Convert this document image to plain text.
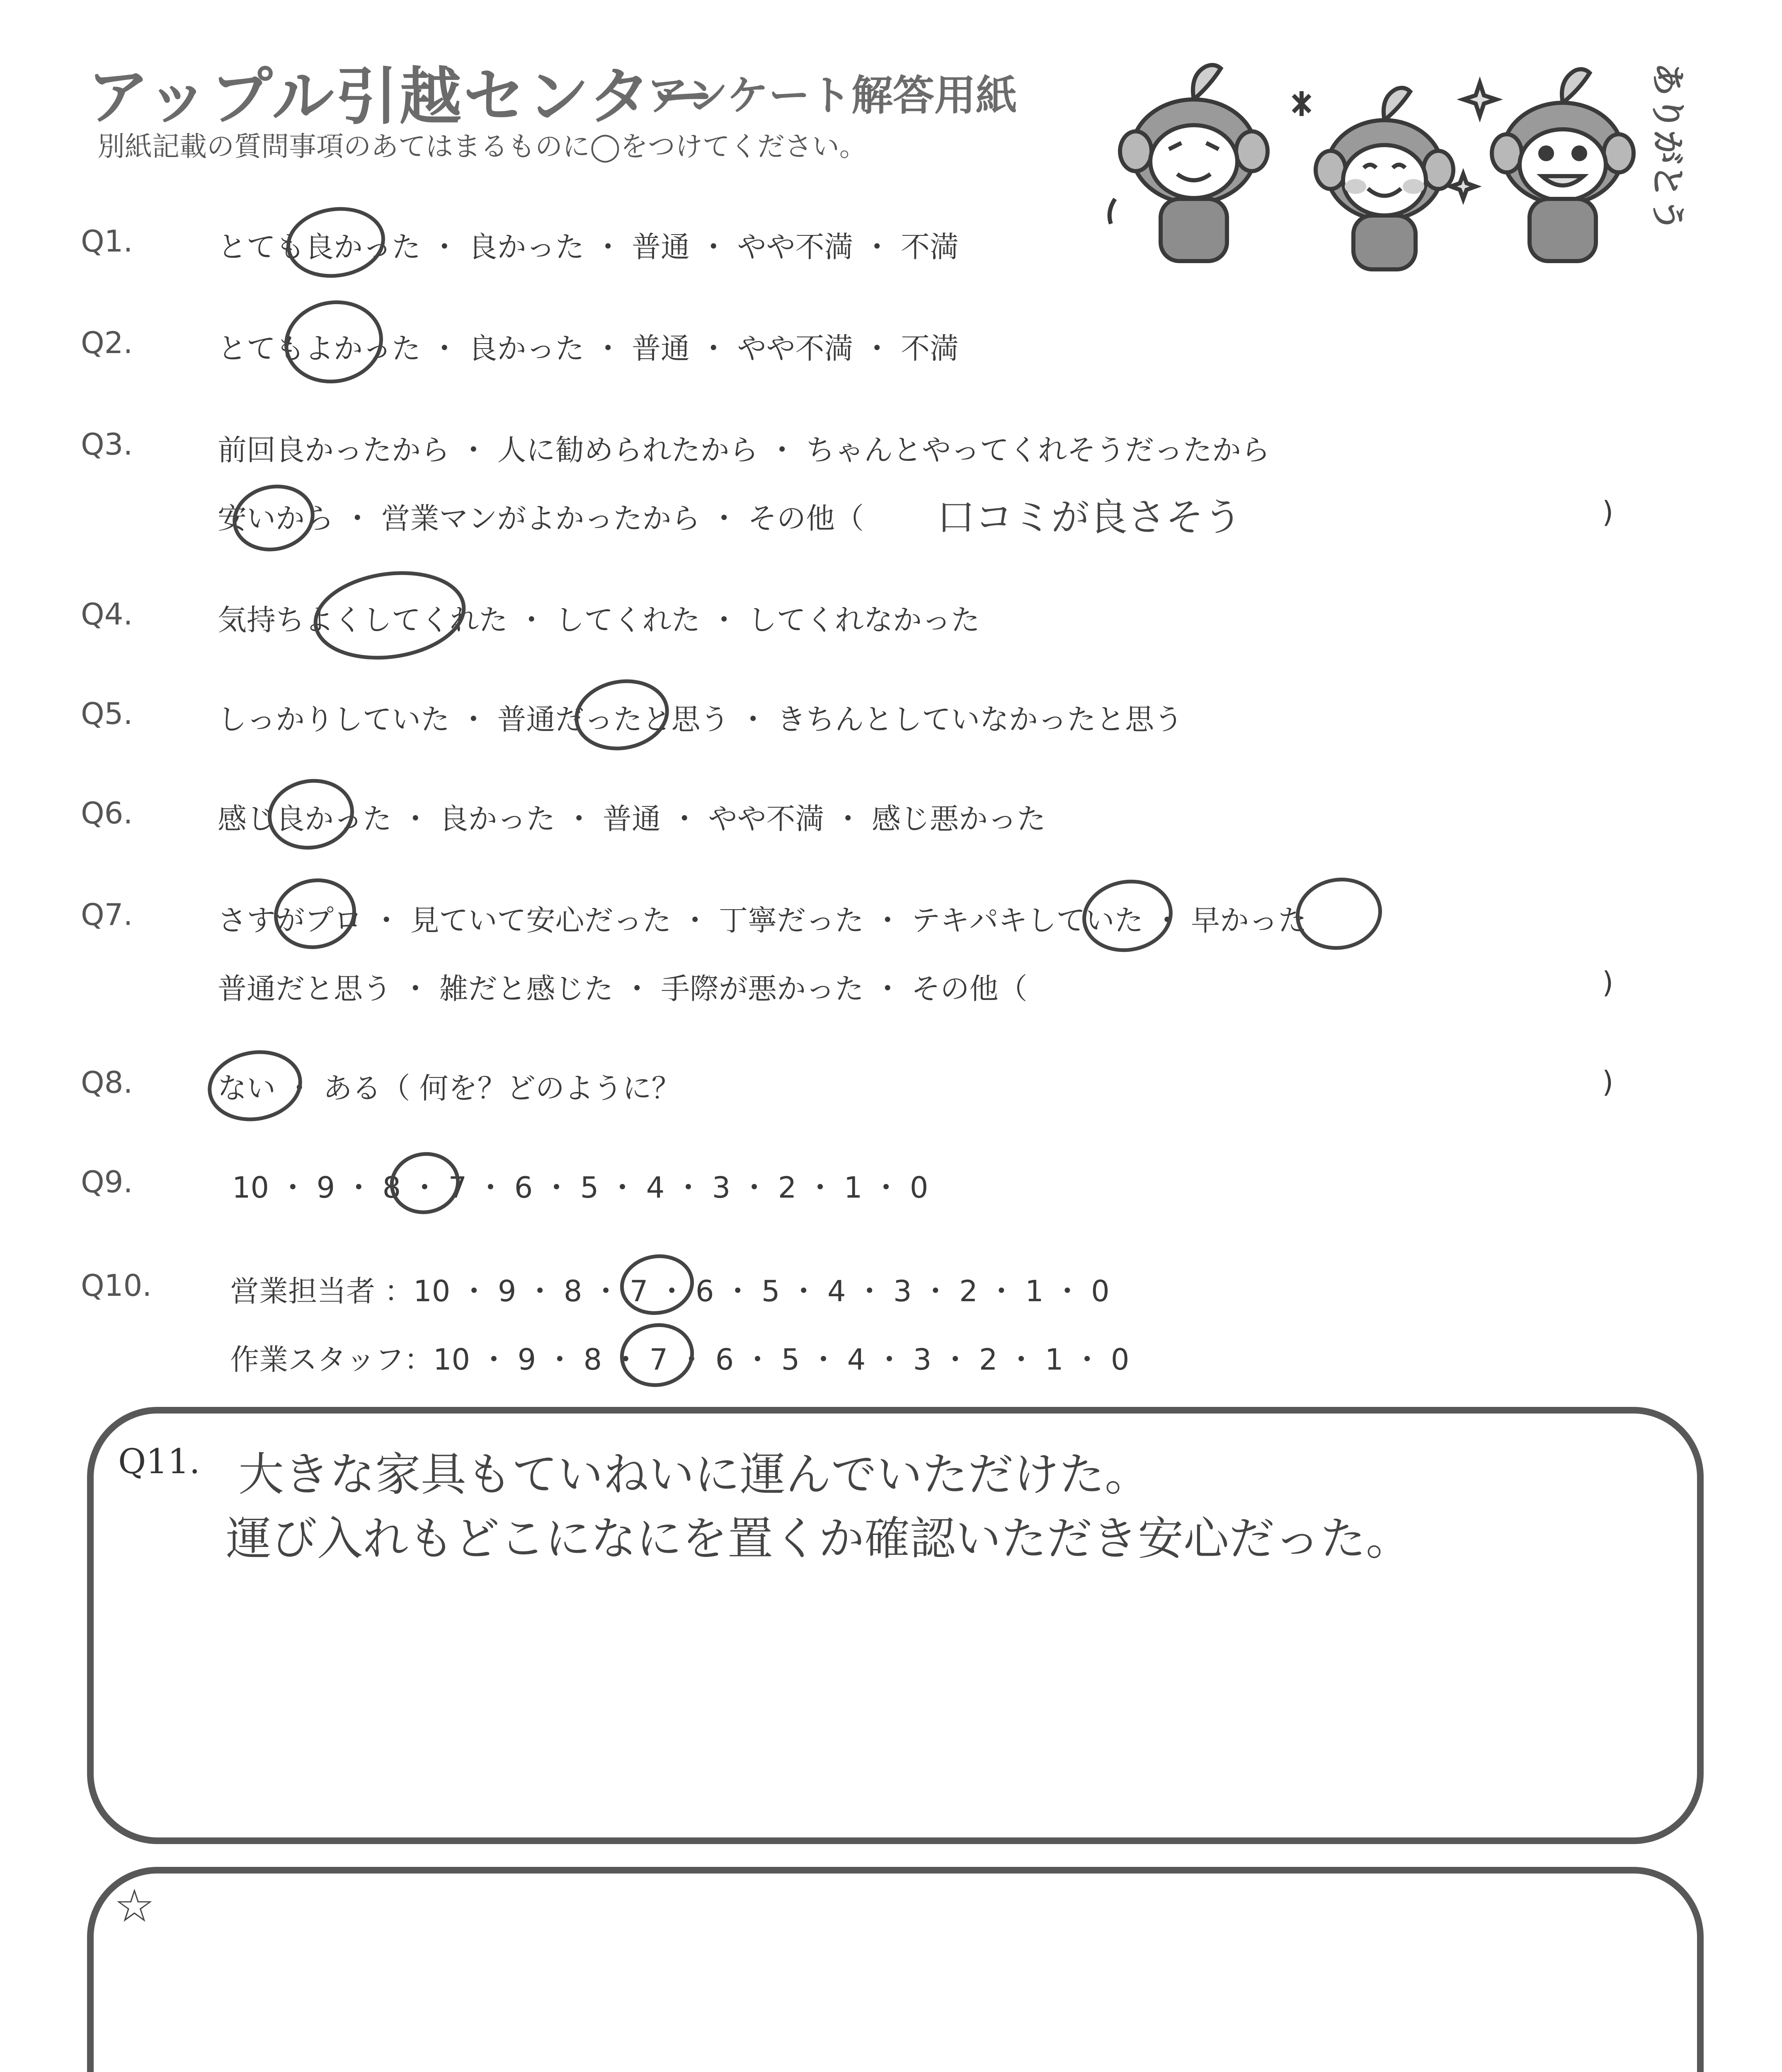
アップル引越センター
アンケート解答用紙
別紙記載の質問事項のあてはまるものに◯をつけてください。	ありがとう
Q1.	とても良かった ・ 良かった ・ 普通 ・ やや不満 ・ 不満
Q2.	とてもよかった ・ 良かった ・ 普通 ・ やや不満 ・ 不満
Q3.	前回良かったから ・ 人に勧められたから ・ ちゃんとやってくれそうだったから
安いから ・ 営業マンがよかったから ・ その他（ 口コミが良さそう	)
Q4.	気持ちよくしてくれた ・ してくれた ・ してくれなかった
Q5.	しっかりしていた ・ 普通だったと思う ・ きちんとしていなかったと思う
Q6.	感じ良かった ・ 良かった ・ 普通 ・ やや不満 ・ 感じ悪かった
Q7.	さすがプロ ・ 見ていて安心だった ・ 丁寧だった ・ テキパキしていた ・ 早かった
普通だと思う ・ 雑だと感じた ・ 手際が悪かった ・ その他（	)
Q8.	ない ・ ある（ 何を？どのように？	)
Q9.	10 ・ 9 ・ 8 ・ 7 ・ 6 ・ 5 ・ 4 ・ 3 ・ 2 ・ 1 ・ 0
Q10.	営業担当者 ：10 ・ 9 ・ 8 ・ 7 ・ 6 ・ 5 ・ 4 ・ 3 ・ 2 ・ 1 ・ 0
作業スタッフ：10 ・ 9 ・ 8 ・ 7 ・ 6 ・ 5 ・ 4 ・ 3 ・ 2 ・ 1 ・ 0
Q11. 大きな家具もていねいに運んでいただけた。
運び入れもどこになにを置くか確認いただき安心だった。
☆
